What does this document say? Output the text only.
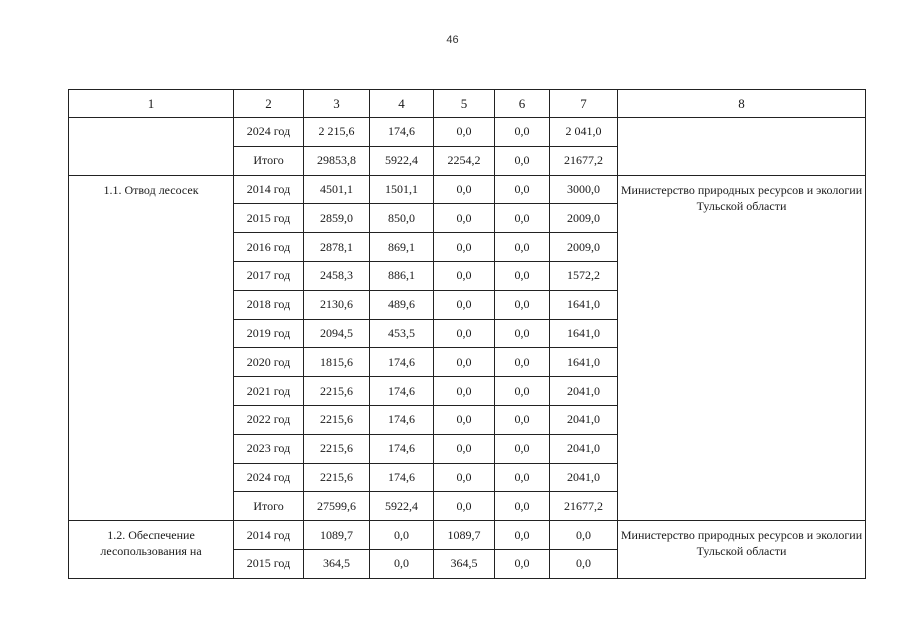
46
1	2	3	4	5	6	7	8
	2024 год	2 215,6	174,6	0,0	0,0	2 041,0	
	Итого	29853,8	5922,4	2254,2	0,0	21677,2	
1.1. Отвод лесосек	2014 год	4501,1	1501,1	0,0	0,0	3000,0	Министерство природных ресурсов и экологии Тульской области
	2015 год	2859,0	850,0	0,0	0,0	2009,0	
	2016 год	2878,1	869,1	0,0	0,0	2009,0	
	2017 год	2458,3	886,1	0,0	0,0	1572,2	
	2018 год	2130,6	489,6	0,0	0,0	1641,0	
	2019 год	2094,5	453,5	0,0	0,0	1641,0	
	2020 год	1815,6	174,6	0,0	0,0	1641,0	
	2021 год	2215,6	174,6	0,0	0,0	2041,0	
	2022 год	2215,6	174,6	0,0	0,0	2041,0	
	2023 год	2215,6	174,6	0,0	0,0	2041,0	
	2024 год	2215,6	174,6	0,0	0,0	2041,0	
	Итого	27599,6	5922,4	0,0	0,0	21677,2	
1.2. Обеспечение лесопользования на	2014 год	1089,7	0,0	1089,7	0,0	0,0	Министерство природных ресурсов и экологии Тульской области
	2015 год	364,5	0,0	364,5	0,0	0,0	
